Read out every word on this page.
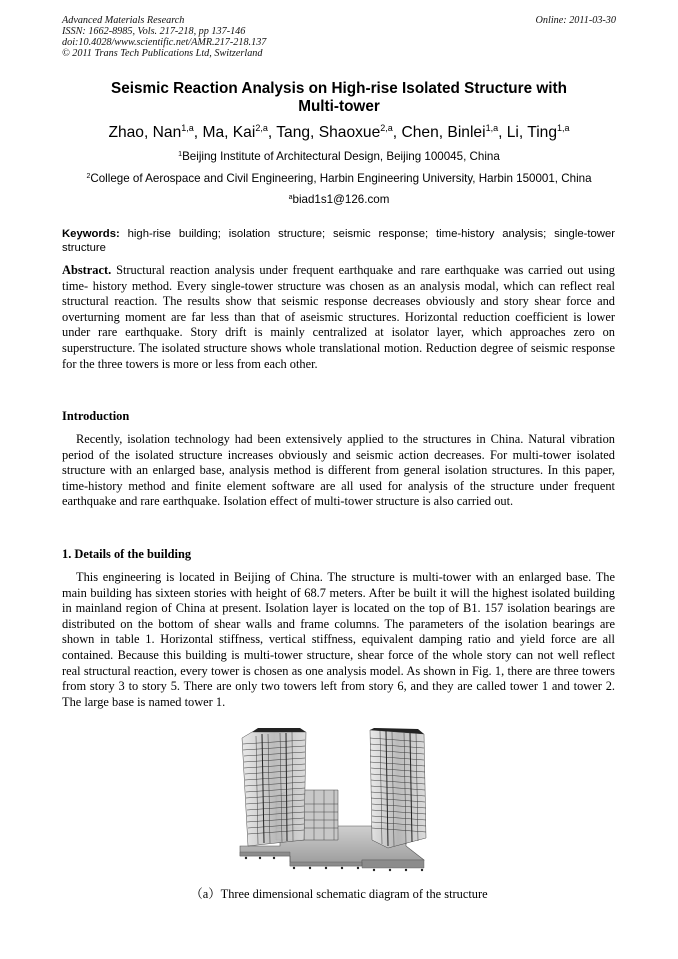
Advanced Materials Research
ISSN: 1662-8985, Vols. 217-218, pp 137-146
doi:10.4028/www.scientific.net/AMR.217-218.137
© 2011 Trans Tech Publications Ltd, Switzerland
Online: 2011-03-30
Seismic Reaction Analysis on High-rise Isolated Structure with
Multi-tower
Zhao, Nan$^{1,a}$, Ma, Kai$^{2,a}$, Tang, Shaoxue$^{2,a}$, Chen, Binlei$^{1,a}$, Li, Ting$^{1,a}$
$^1$Beijing Institute of Architectural Design, Beijing 100045, China
$^2$College of Aerospace and Civil Engineering, Harbin Engineering University, Harbin 150001, China
$^a$biad1s1@126.com
Keywords: high-rise building; isolation structure; seismic response; time-history analysis; single-tower structure
Abstract. Structural reaction analysis under frequent earthquake and rare earthquake was carried out using time- history method. Every single-tower structure was chosen as an analysis modal, which can reflect real structural reaction. The results show that seismic response decreases obviously and story shear force and overturning moment are far less than that of aseismic structures. Horizontal reduction coefficient is lower under rare earthquake. Story drift is mainly centralized at isolator layer, which approaches zero on superstructure. The isolated structure shows whole translational motion. Reduction degree of seismic response for the three towers is more or less from each other.
Introduction
Recently, isolation technology had been extensively applied to the structures in China. Natural vibration period of the isolated structure increases obviously and seismic action decreases. For multi-tower isolated structure with an enlarged base, analysis method is different from general isolation structures. In this paper, time-history method and finite element software are all used for analysis of the structure under frequent earthquake and rare earthquake. Isolation effect of multi-tower structure is also carried out.
1. Details of the building
This engineering is located in Beijing of China. The structure is multi-tower with an enlarged base. The main building has sixteen stories with height of 68.7 meters. After be built it will the highest isolated building in mainland region of China at present. Isolation layer is located on the top of B1. 157 isolation bearings are distributed on the bottom of shear walls and frame columns. The parameters of the isolation bearings are shown in table 1. Horizontal stiffness, vertical stiffness, equivalent damping ratio and yield force are all contained. Because this building is multi-tower structure, shear force of the whole story can not well reflect real structural reaction, every tower is chosen as one analysis model. As shown in Fig. 1, there are three towers from story 3 to story 5. There are only two towers left from story 6, and they are called tower 1 and tower 2. The large base is named tower 1.
（a）Three dimensional schematic diagram of the structure
